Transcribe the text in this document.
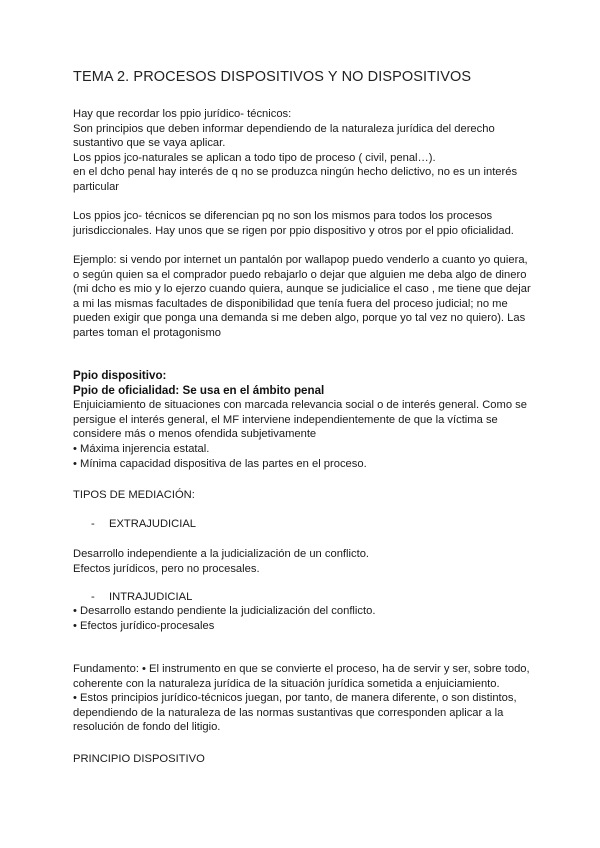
TEMA 2. PROCESOS DISPOSITIVOS Y NO DISPOSITIVOS
Hay que recordar los ppio jurídico- técnicos:
Son principios que deben informar dependiendo de la naturaleza jurídica del derecho
sustantivo que se vaya aplicar.
Los ppios jco-naturales se aplican a todo tipo de proceso ( civil, penal…).
en el dcho penal hay interés de q no se produzca ningún hecho delictivo, no es un interés
particular
Los ppios jco- técnicos se diferencian pq no son los mismos para todos los procesos
jurisdiccionales. Hay unos que se rigen por ppio dispositivo y otros por el ppio oficialidad.
Ejemplo: si vendo por internet un pantalón por wallapop puedo venderlo a cuanto yo quiera,
o según quien sa el comprador puedo rebajarlo o dejar que alguien me deba algo de dinero
(mi dcho es mio y lo ejerzo cuando quiera, aunque se judicialice el caso , me tiene que dejar
a mi las mismas facultades de disponibilidad que tenía fuera del proceso judicial; no me
pueden exigir que ponga una demanda si me deben algo, porque yo tal vez no quiero). Las
partes toman el protagonismo
Ppio dispositivo:
Ppio de oficialidad: Se usa en el ámbito penal
Enjuiciamiento de situaciones con marcada relevancia social o de interés general. Como se
persigue el interés general, el MF interviene independientemente de que la víctima se
considere más o menos ofendida subjetivamente
• Máxima injerencia estatal.
• Mínima capacidad dispositiva de las partes en el proceso.
TIPOS DE MEDIACIÓN:
- EXTRAJUDICIAL
Desarrollo independiente a la judicialización de un conflicto.
Efectos jurídicos, pero no procesales.
- INTRAJUDICIAL
• Desarrollo estando pendiente la judicialización del conflicto.
• Efectos jurídico-procesales
Fundamento: • El instrumento en que se convierte el proceso, ha de servir y ser, sobre todo,
coherente con la naturaleza jurídica de la situación jurídica sometida a enjuiciamiento.
• Estos principios jurídico-técnicos juegan, por tanto, de manera diferente, o son distintos,
dependiendo de la naturaleza de las normas sustantivas que corresponden aplicar a la
resolución de fondo del litigio.
PRINCIPIO DISPOSITIVO
